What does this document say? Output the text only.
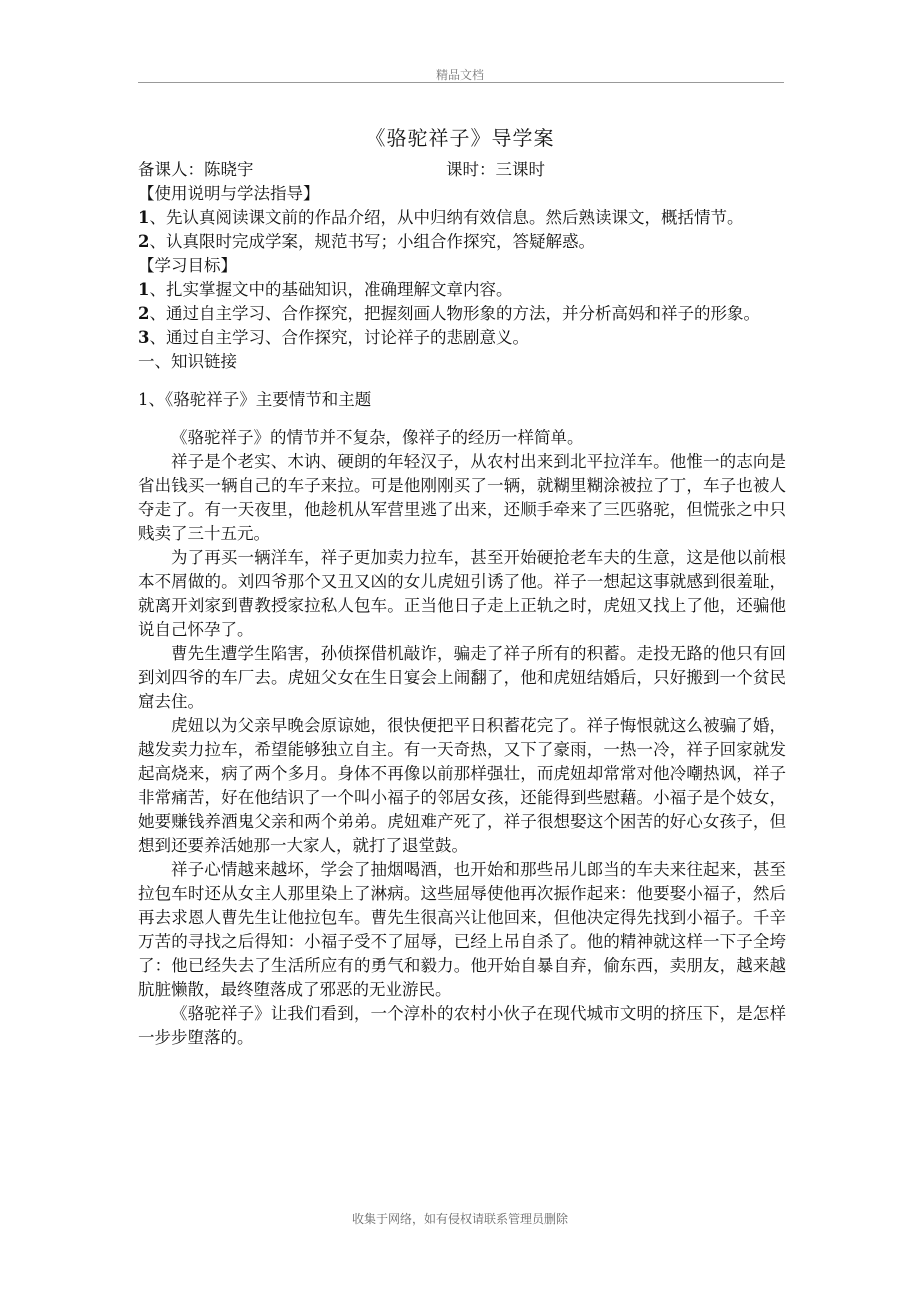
精品文档
《骆驼祥子》导学案
备课人：陈晓宇	课时：三课时
【使用说明与学法指导】
1、先认真阅读课文前的作品介绍，从中归纳有效信息。然后熟读课文，概括情节。
2、认真限时完成学案，规范书写；小组合作探究，答疑解惑。
【学习目标】
1、扎实掌握文中的基础知识，准确理解文章内容。
2、通过自主学习、合作探究，把握刻画人物形象的方法，并分析高妈和祥子的形象。
3、通过自主学习、合作探究，讨论祥子的悲剧意义。
一、知识链接
1、《骆驼祥子》主要情节和主题

《骆驼祥子》的情节并不复杂，像祥子的经历一样简单。

祥子是个老实、木讷、硬朗的年轻汉子，从农村出来到北平拉洋车。他惟一的志向是省出钱买一辆自己的车子来拉。可是他刚刚买了一辆，就糊里糊涂被拉了丁，车子也被人夺走了。有一天夜里，他趁机从军营里逃了出来，还顺手牵来了三匹骆驼，但慌张之中只贱卖了三十五元。

为了再买一辆洋车，祥子更加卖力拉车，甚至开始硬抢老车夫的生意，这是他以前根本不屑做的。刘四爷那个又丑又凶的女儿虎妞引诱了他。祥子一想起这事就感到很羞耻，就离开刘家到曹教授家拉私人包车。正当他日子走上正轨之时，虎妞又找上了他，还骗他说自己怀孕了。

曹先生遭学生陷害，孙侦探借机敲诈，骗走了祥子所有的积蓄。走投无路的他只有回到刘四爷的车厂去。虎妞父女在生日宴会上闹翻了，他和虎妞结婚后，只好搬到一个贫民窟去住。

虎妞以为父亲早晚会原谅她，很快便把平日积蓄花完了。祥子悔恨就这么被骗了婚，越发卖力拉车，希望能够独立自主。有一天奇热，又下了豪雨，一热一冷，祥子回家就发起高烧来，病了两个多月。身体不再像以前那样强壮，而虎妞却常常对他冷嘲热讽，祥子非常痛苦，好在他结识了一个叫小福子的邻居女孩，还能得到些慰藉。小福子是个妓女，她要赚钱养酒鬼父亲和两个弟弟。虎妞难产死了，祥子很想娶这个困苦的好心女孩子，但想到还要养活她那一大家人，就打了退堂鼓。

祥子心情越来越坏，学会了抽烟喝酒，也开始和那些吊儿郎当的车夫来往起来，甚至拉包车时还从女主人那里染上了淋病。这些屈辱使他再次振作起来：他要娶小福子，然后再去求恩人曹先生让他拉包车。曹先生很高兴让他回来，但他决定得先找到小福子。千辛万苦的寻找之后得知：小福子受不了屈辱，已经上吊自杀了。他的精神就这样一下子全垮了：他已经失去了生活所应有的勇气和毅力。他开始自暴自弃，偷东西，卖朋友，越来越肮脏懒散，最终堕落成了邪恶的无业游民。

《骆驼祥子》让我们看到，一个淳朴的农村小伙子在现代城市文明的挤压下，是怎样一步步堕落的。

收集于网络，如有侵权请联系管理员删除
